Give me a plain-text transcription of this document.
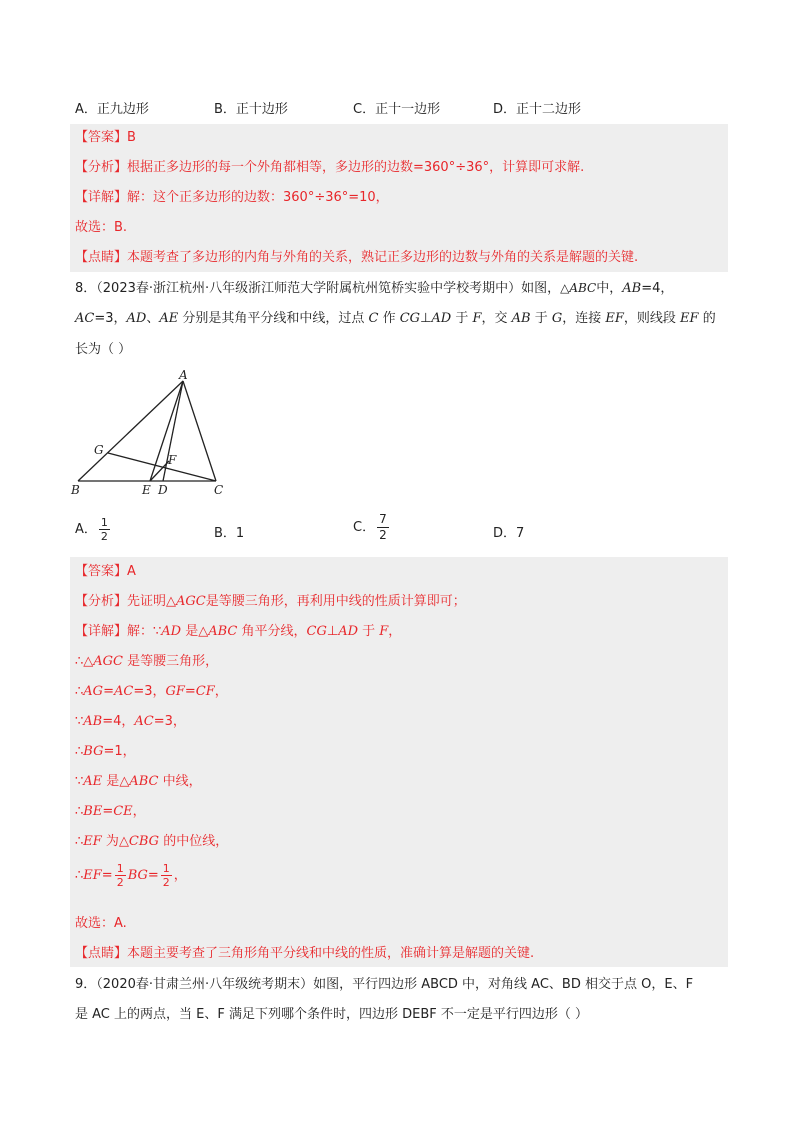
A．正九边形	B．正十边形	C．正十一边形	D．正十二边形
【答案】B
【分析】根据正多边形的每一个外角都相等，多边形的边数=360°÷36°，计算即可求解.
【详解】解：这个正多边形的边数：360°÷36°=10，
故选：B.
【点睛】本题考查了多边形的内角与外角的关系，熟记正多边形的边数与外角的关系是解题的关键.
8．（2023春·浙江杭州·八年级浙江师范大学附属杭州笕桥实验中学校考期中）如图，△ABC中，AB=4，
AC=3，AD、AE 分别是其角平分线和中线，过点 C 作 CG⊥AD 于 F，交 AB 于 G，连接 EF，则线段 EF 的
长为（ ）
A
G
F
B	E D	C
A． $\frac{1}{2}$	B．1	C． $\frac{7}{2}$	D．7
【答案】A
【分析】先证明△AGC是等腰三角形，再利用中线的性质计算即可；
【详解】解：∵AD 是△ABC 角平分线，CG⊥AD 于 F，
∴△AGC 是等腰三角形，
∴AG=AC=3，GF=CF，
∵AB=4，AC=3，
∴BG=1，
∵AE 是△ABC 中线，
∴BE=CE，
∴EF 为△CBG 的中位线，
∴EF= $\frac{1}{2} BG= \frac{1}{2}$ ，
故选：A.
【点睛】本题主要考查了三角形角平分线和中线的性质，准确计算是解题的关键.
9．（2020春·甘肃兰州·八年级统考期末）如图，平行四边形 ABCD 中，对角线 AC、BD 相交于点 O，E、F
是 AC 上的两点，当 E、F 满足下列哪个条件时，四边形 DEBF 不一定是平行四边形（ ）
